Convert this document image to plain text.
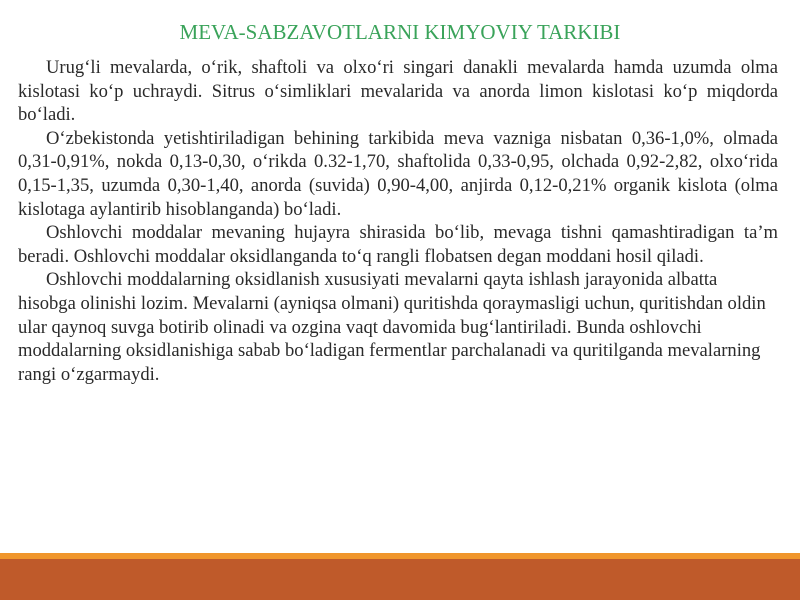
MEVA-SABZAVOTLARNI KIMYOVIY TARKIBI

Urug‘li mevalarda, o‘rik, shaftoli va olxo‘ri singari danakli mevalarda hamda uzumda olma kislotasi ko‘p uchraydi. Sitrus o‘simliklari mevalarida va anorda limon kislotasi ko‘p miqdorda bo‘ladi.

O‘zbekistonda yetishtiriladigan behining tarkibida meva vazniga nisbatan 0,36-1,0%, olmada 0,31-0,91%, nokda 0,13-0,30, o‘rikda 0.32-1,70, shaftolida 0,33-0,95, olchada 0,92-2,82, olxo‘rida 0,15-1,35, uzumda 0,30-1,40, anorda (suvida) 0,90-4,00, anjirda 0,12-0,21% organik kislota (olma kislotaga aylantirib hisoblanganda) bo‘ladi.

Oshlovchi moddalar mevaning hujayra shirasida bo‘lib, mevaga tishni qamashtiradigan ta’m beradi. Oshlovchi moddalar oksidlanganda to‘q rangli flobatsen degan moddani hosil qiladi.

Oshlovchi moddalarning oksidlanish xususiyati mevalarni qayta ishlash jarayonida albatta hisobga olinishi lozim. Mevalarni (ayniqsa olmani) quritishda qoraymasligi uchun, quritishdan oldin ular qaynoq suvga botirib olinadi va ozgina vaqt davomida bug‘lantiriladi. Bunda oshlovchi moddalarning oksidlanishiga sabab bo‘ladigan fermentlar parchalanadi va quritilganda mevalarning rangi o‘zgarmaydi.
